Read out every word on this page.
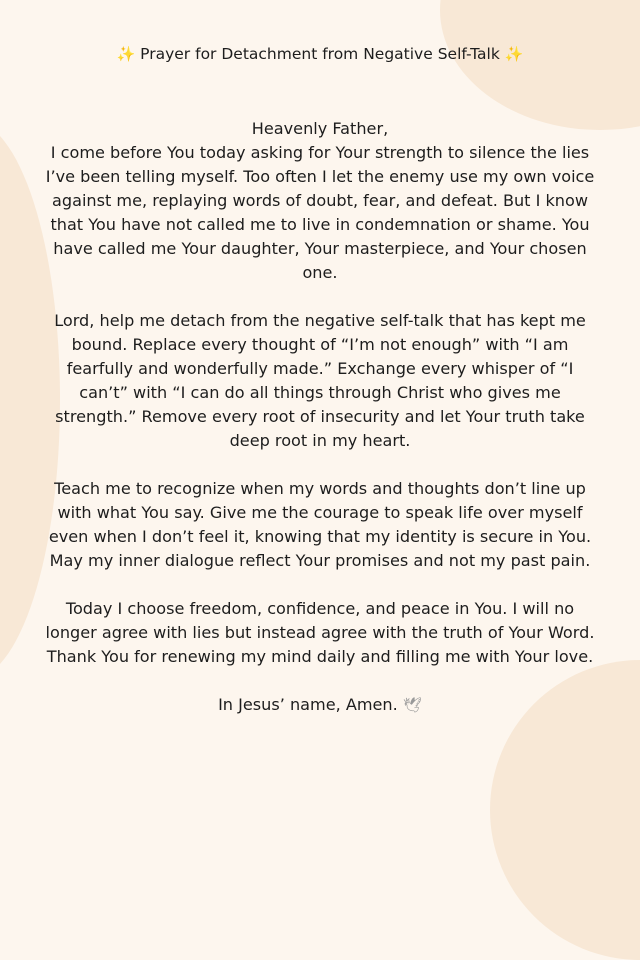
✨ Prayer for Detachment from Negative Self-Talk ✨

Heavenly Father,

I come before You today asking for Your strength to silence the lies I’ve been telling myself. Too often I let the enemy use my own voice against me, replaying words of doubt, fear, and defeat. But I know that You have not called me to live in condemnation or shame. You have called me Your daughter, Your masterpiece, and Your chosen one.

Lord, help me detach from the negative self-talk that has kept me bound. Replace every thought of “I’m not enough” with “I am fearfully and wonderfully made.” Exchange every whisper of “I can’t” with “I can do all things through Christ who gives me strength.” Remove every root of insecurity and let Your truth take deep root in my heart.

Teach me to recognize when my words and thoughts don’t line up with what You say. Give me the courage to speak life over myself even when I don’t feel it, knowing that my identity is secure in You. May my inner dialogue reflect Your promises and not my past pain.

Today I choose freedom, confidence, and peace in You. I will no longer agree with lies but instead agree with the truth of Your Word. Thank You for renewing my mind daily and filling me with Your love.

In Jesus’ name, Amen. 🕊
